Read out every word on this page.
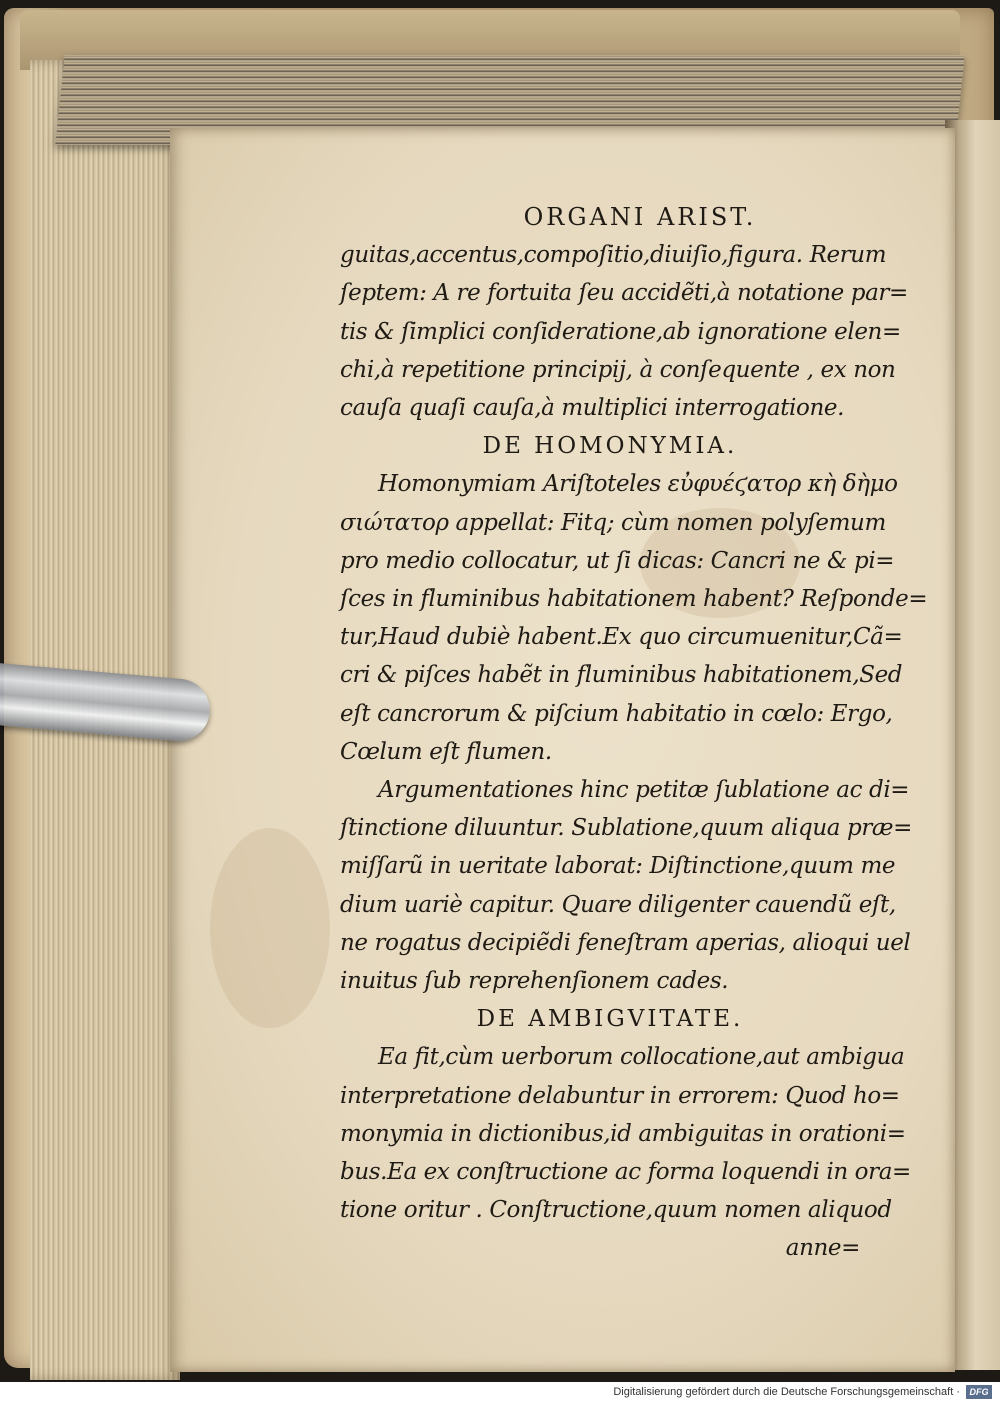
ORGANI ARIST.
guitas,accentus,compoſitio,diuiſio,figura. Rerum
ſeptem: A re fortuita ſeu accidẽti,à notatione par=
tis & ſimplici conſideratione,ab ignoratione elen=
chi,à repetitione principij, à conſequente , ex non
cauſa quaſi cauſa,à multiplici interrogatione.
DE HOMONYMIA.
Homonymiam Ariſtoteles εὐφυέϛατορ κὴ δὴμο
σιώτατορ appellat: Fitq; cùm nomen polyſemum
pro medio collocatur, ut ſi dicas: Cancri ne & pi=
ſces in fluminibus habitationem habent? Reſponde=
tur,Haud dubiè habent.Ex quo circumuenitur,Cã=
cri & piſces habẽt in fluminibus habitationem,Sed
eſt cancrorum & piſcium habitatio in cœlo: Ergo,
Cœlum eſt flumen.
Argumentationes hinc petitæ ſublatione ac di=
ſtinctione diluuntur. Sublatione,quum aliqua præ=
miſſarũ in ueritate laborat: Diſtinctione,quum me
dium uariè capitur. Quare diligenter cauendũ eſt,
ne rogatus decipiẽdi feneſtram aperias, alioqui uel
inuitus ſub reprehenſionem cades.
DE AMBIGVITATE.
Ea fit,cùm uerborum collocatione,aut ambigua
interpretatione delabuntur in errorem: Quod ho=
monymia in dictionibus,id ambiguitas in orationi=
bus.Ea ex conſtructione ac forma loquendi in ora=
tione oritur . Conſtructione,quum nomen aliquod
anne=
Digitalisierung gefördert durch die Deutsche Forschungsgemeinschaft ·	DFG
